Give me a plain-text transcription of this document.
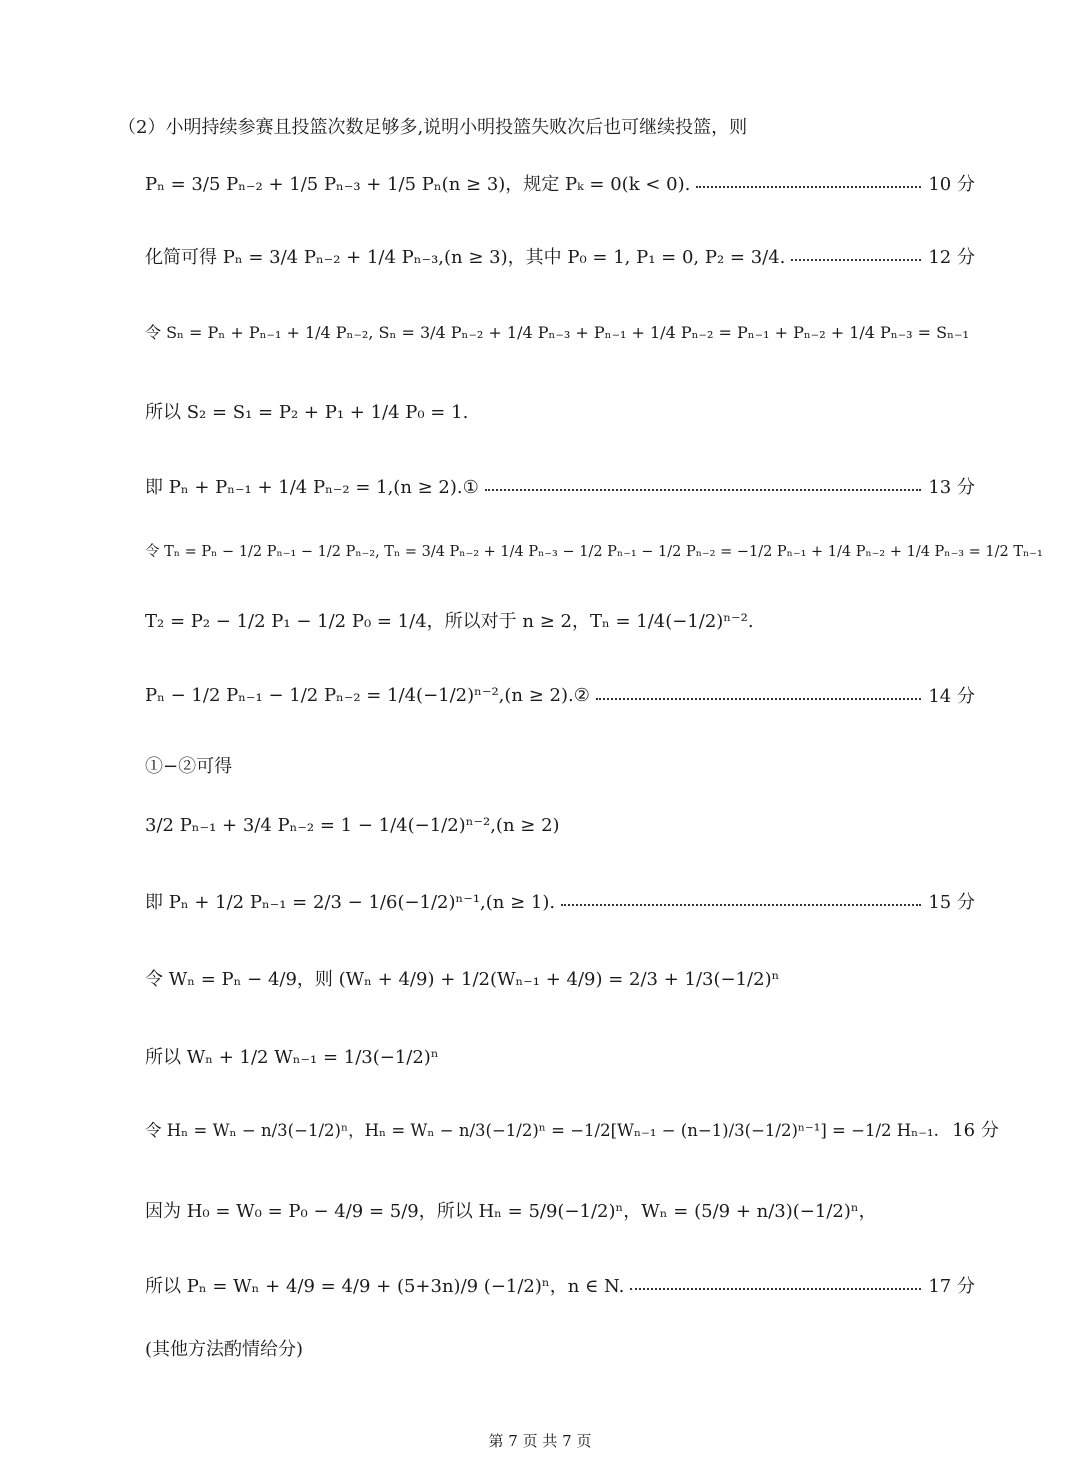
（2）小明持续参赛且投篮次数足够多,说明小明投篮失败次后也可继续投篮，则
Pₙ = 3/5 Pₙ₋₂ + 1/5 Pₙ₋₃ + 1/5 Pₙ(n ≥ 3)，规定 Pₖ = 0(k < 0).	10 分
化简可得 Pₙ = 3/4 Pₙ₋₂ + 1/4 Pₙ₋₃,(n ≥ 3)，其中 P₀ = 1, P₁ = 0, P₂ = 3/4.	12 分
令 Sₙ = Pₙ + Pₙ₋₁ + 1/4 Pₙ₋₂, Sₙ = 3/4 Pₙ₋₂ + 1/4 Pₙ₋₃ + Pₙ₋₁ + 1/4 Pₙ₋₂ = Pₙ₋₁ + Pₙ₋₂ + 1/4 Pₙ₋₃ = Sₙ₋₁
所以 S₂ = S₁ = P₂ + P₁ + 1/4 P₀ = 1.
即 Pₙ + Pₙ₋₁ + 1/4 Pₙ₋₂ = 1,(n ≥ 2).①	13 分
令 Tₙ = Pₙ − 1/2 Pₙ₋₁ − 1/2 Pₙ₋₂, Tₙ = 3/4 Pₙ₋₂ + 1/4 Pₙ₋₃ − 1/2 Pₙ₋₁ − 1/2 Pₙ₋₂ = −1/2 Pₙ₋₁ + 1/4 Pₙ₋₂ + 1/4 Pₙ₋₃ = 1/2 Tₙ₋₁
T₂ = P₂ − 1/2 P₁ − 1/2 P₀ = 1/4，所以对于 n ≥ 2，Tₙ = 1/4(−1/2)ⁿ⁻².
Pₙ − 1/2 Pₙ₋₁ − 1/2 Pₙ₋₂ = 1/4(−1/2)ⁿ⁻²,(n ≥ 2).②	14 分
①−②可得
3/2 Pₙ₋₁ + 3/4 Pₙ₋₂ = 1 − 1/4(−1/2)ⁿ⁻²,(n ≥ 2)
即 Pₙ + 1/2 Pₙ₋₁ = 2/3 − 1/6(−1/2)ⁿ⁻¹,(n ≥ 1).	15 分
令 Wₙ = Pₙ − 4/9，则 (Wₙ + 4/9) + 1/2(Wₙ₋₁ + 4/9) = 2/3 + 1/3(−1/2)ⁿ
所以 Wₙ + 1/2 Wₙ₋₁ = 1/3(−1/2)ⁿ
令 Hₙ = Wₙ − n/3(−1/2)ⁿ，Hₙ = Wₙ − n/3(−1/2)ⁿ = −1/2[Wₙ₋₁ − (n−1)/3(−1/2)ⁿ⁻¹] = −1/2 Hₙ₋₁. 16 分
因为 H₀ = W₀ = P₀ − 4/9 = 5/9，所以 Hₙ = 5/9(−1/2)ⁿ，Wₙ = (5/9 + n/3)(−1/2)ⁿ，
所以 Pₙ = Wₙ + 4/9 = 4/9 + (5+3n)/9 (−1/2)ⁿ，n ∈ N.	17 分
(其他方法酌情给分)
第 7 页 共 7 页
